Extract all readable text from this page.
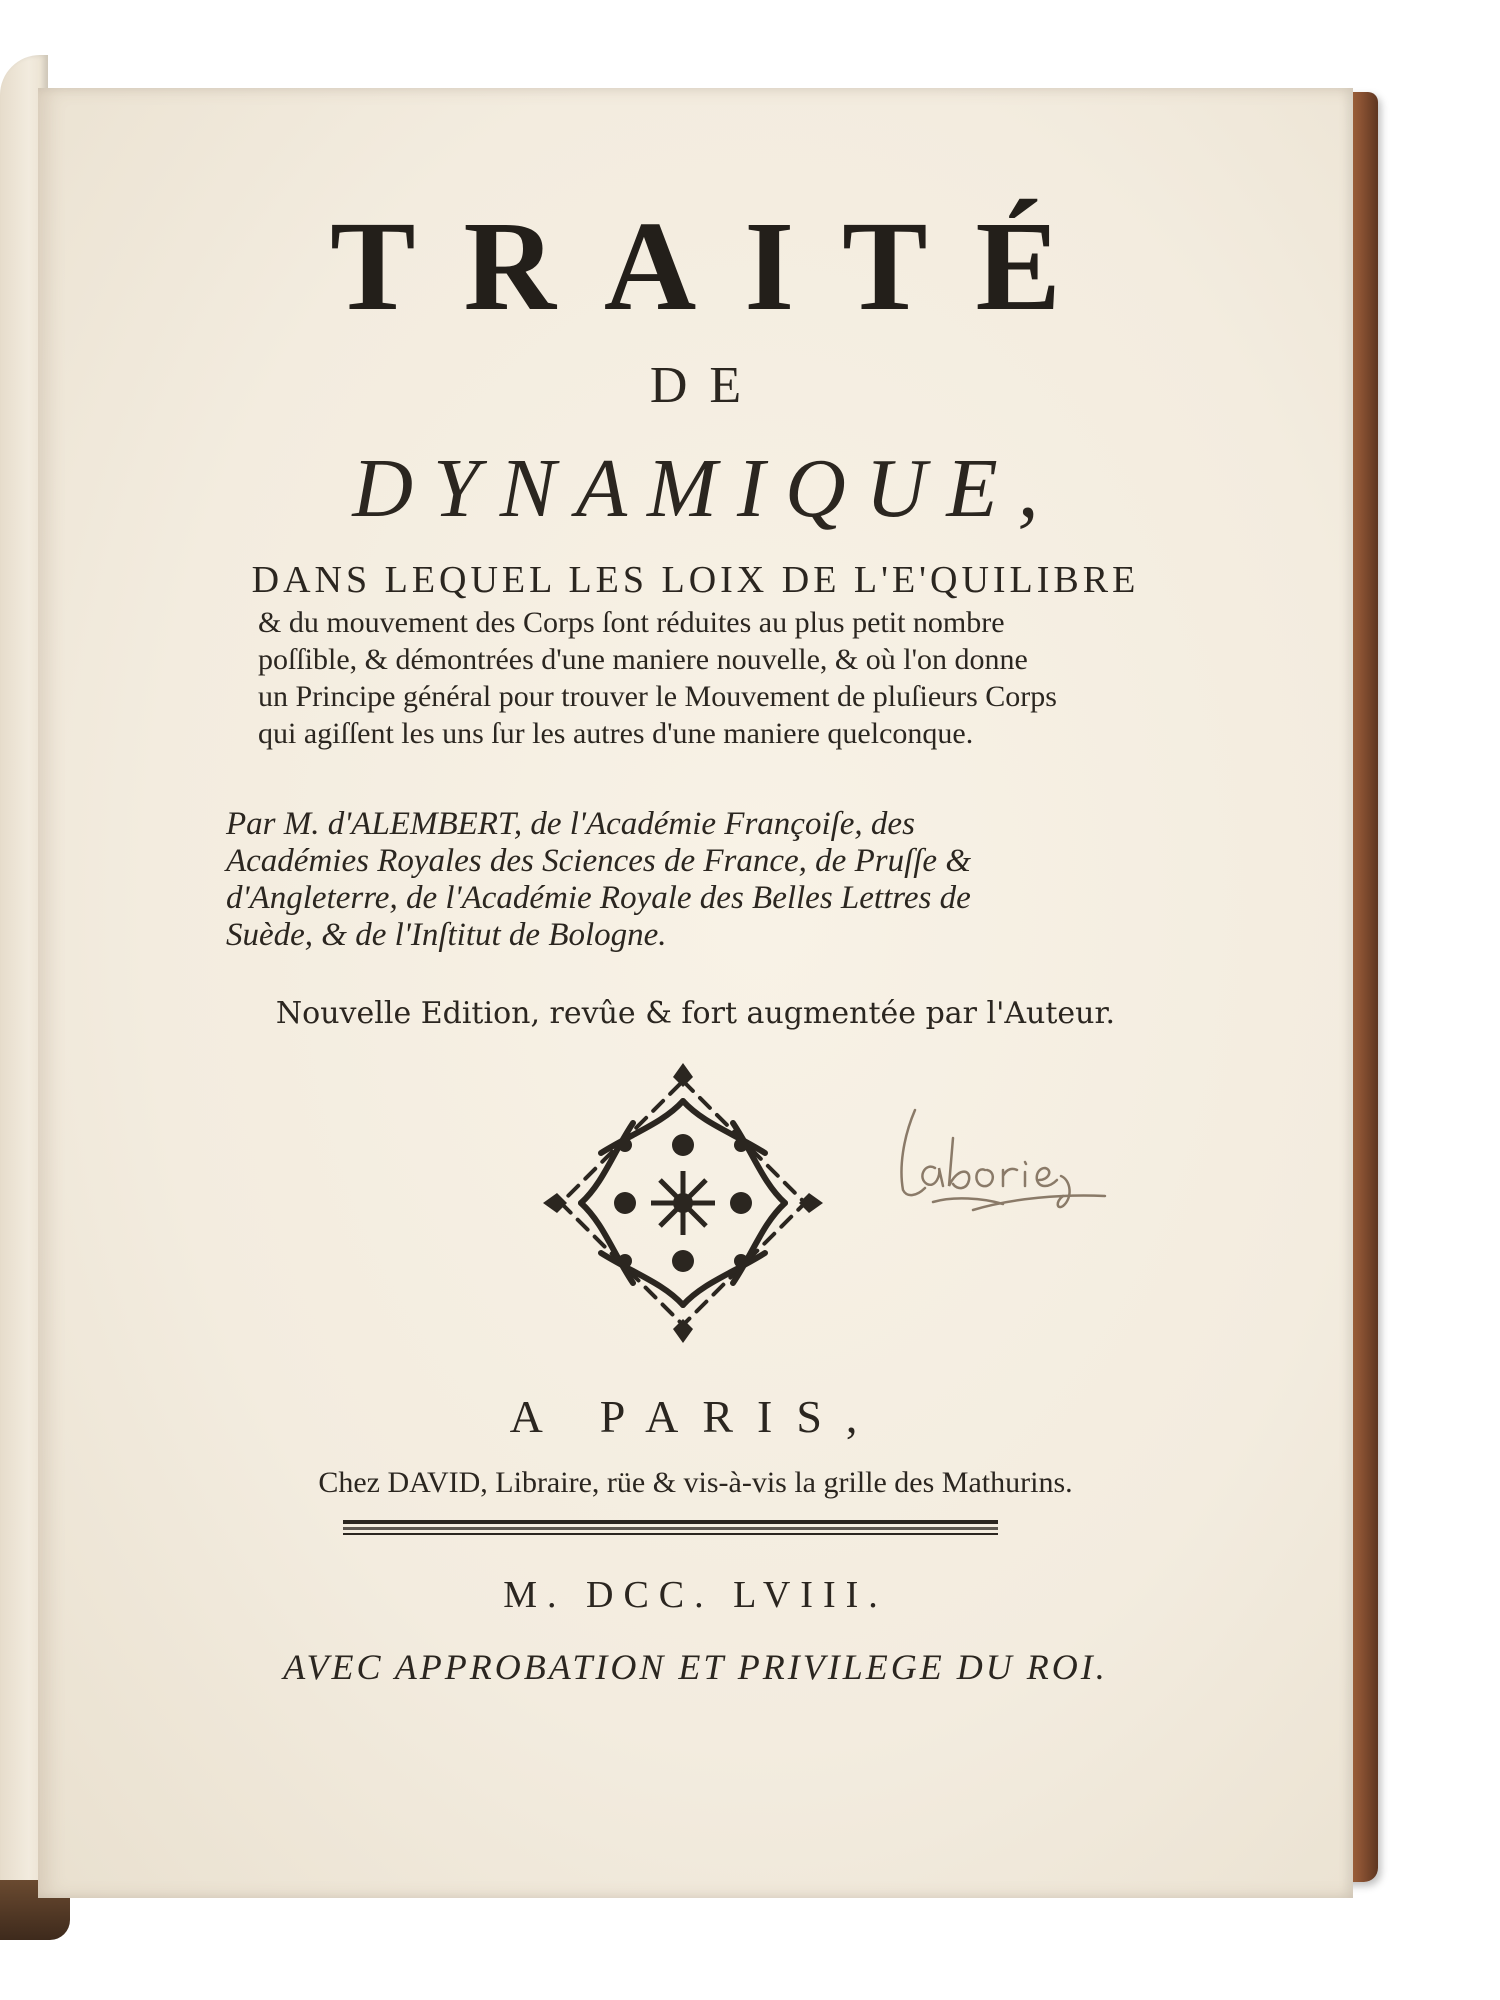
TRAITÉ
DE
DYNAMIQUE,
DANS LEQUEL LES LOIX DE L'E'QUILIBRE
& du mouvement des Corps ſont réduites au plus petit nombre
poſſible, & démontrées d'une maniere nouvelle, & où l'on donne
un Principe général pour trouver le Mouvement de pluſieurs Corps
qui agiſſent les uns ſur les autres d'une maniere quelconque.
Par M. d'ALEMBERT, de l'Académie Françoiſe, des
Académies Royales des Sciences de France, de Pruſſe &
d'Angleterre, de l'Académie Royale des Belles Lettres de
Suède, & de l'Inſtitut de Bologne.
Nouvelle Edition, revûe & fort augmentée par l'Auteur.
A PARIS,
Chez DAVID, Libraire, rüe & vis-à-vis la grille des Mathurins.
M. DCC. LVIII.
AVEC APPROBATION ET PRIVILEGE DU ROI.
